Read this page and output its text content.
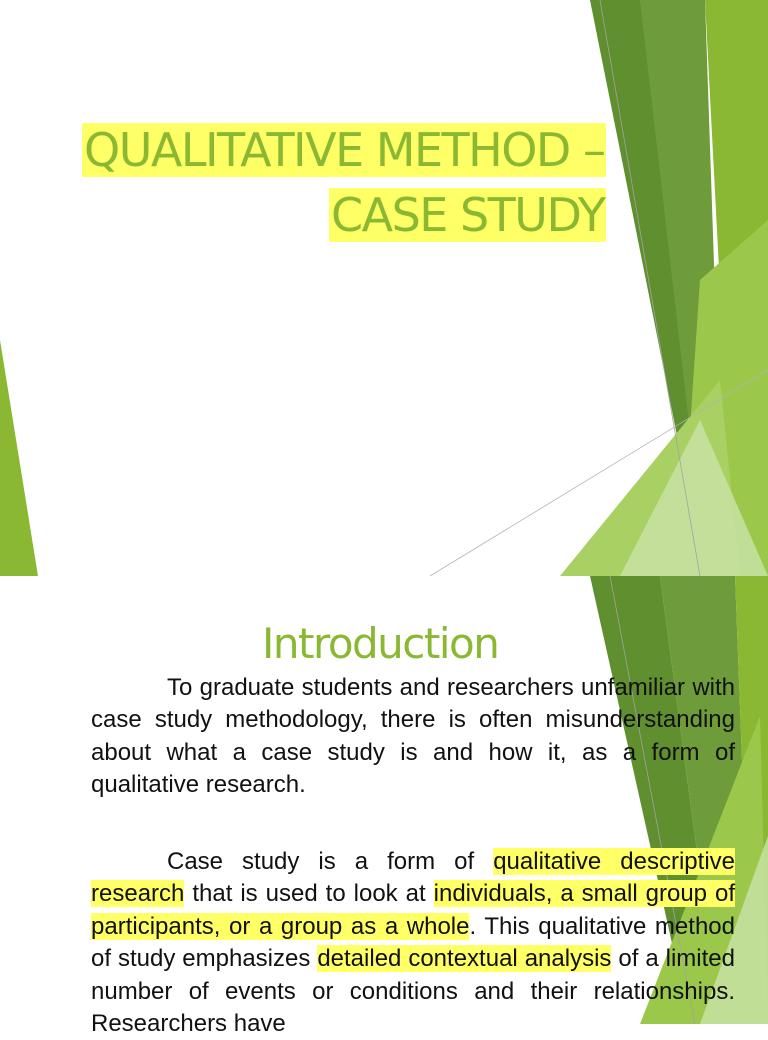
QUALITATIVE METHOD –
CASE STUDY
Introduction
To graduate students and researchers unfamiliar with case study methodology, there is often misunderstanding about what a case study is and how it, as a form of qualitative research.
Case study is a form of qualitative descriptive research that is used to look at individuals, a small group of participants, or a group as a whole. This qualitative method of study emphasizes detailed contextual analysis of a limited number of events or conditions and their relationships. Researchers have
